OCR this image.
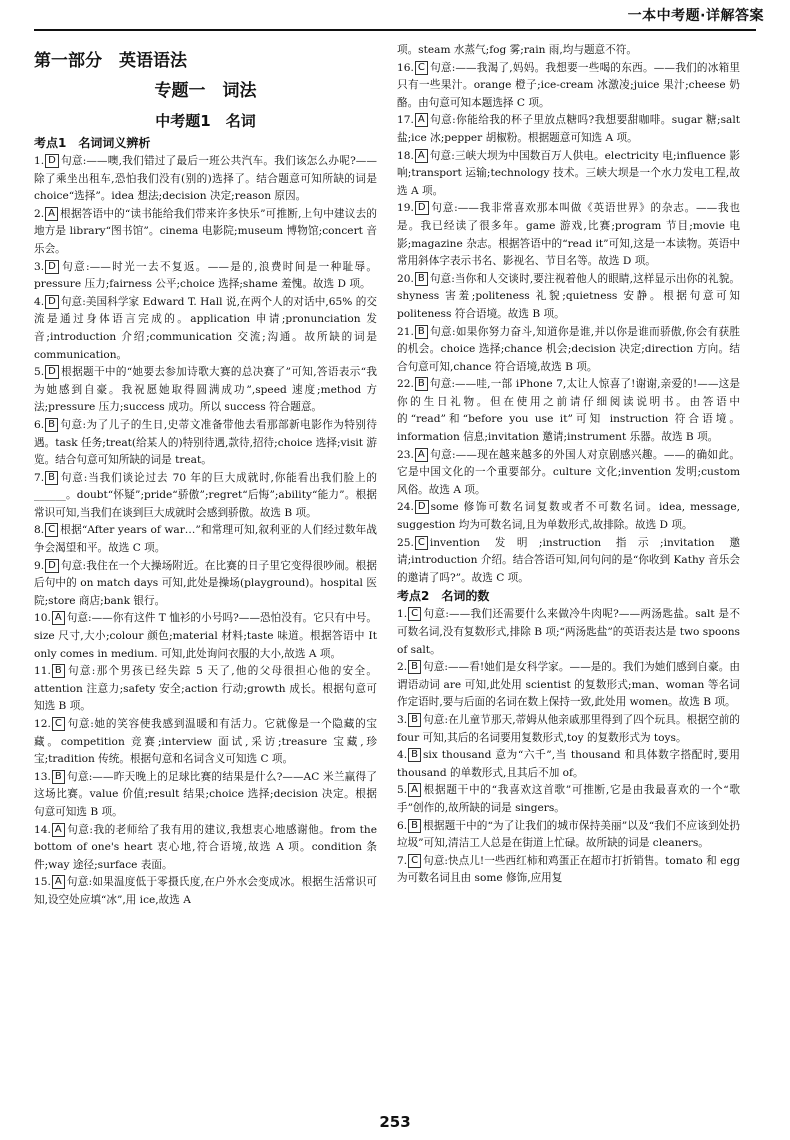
一本中考题·详解答案
第一部分　英语语法
专题一　词法
中考题1　名词
考点1　名词词义辨析
1. D 句意:——噢,我们错过了最后一班公共汽车。我们该怎么办呢?——除了乘坐出租车,恐怕我们没有(别的)选择了。结合题意可知所缺的词是 choice“选择”。idea 想法;decision 决定;reason 原因。
2. A 根据答语中的“读书能给我们带来许多快乐”可推断,上句中建议去的地方是 library“图书馆”。cinema 电影院;museum 博物馆;concert 音乐会。
3. D 句意:——时光一去不复返。——是的,浪费时间是一种耻辱。pressure 压力;fairness 公平;choice 选择;shame 羞愧。故选 D 项。
4. D 句意:美国科学家 Edward T. Hall 说,在两个人的对话中,65% 的交流是通过身体语言完成的。application 申请;pronunciation 发音;introduction 介绍;communication 交流;沟通。故所缺的词是 communication。
5. D 根据题干中的“她要去参加诗歌大赛的总决赛了”可知,答语表示“我为她感到自豪。我祝愿她取得圆满成功”,speed 速度;method 方法;pressure 压力;success 成功。所以 success 符合题意。
6. B 句意:为了儿子的生日,史蒂文准备带他去看那部新电影作为特别待遇。task 任务;treat(给某人的)特别待遇,款待,招待;choice 选择;visit 游览。结合句意可知所缺的词是 treat。
7. B 句意:当我们谈论过去 70 年的巨大成就时,你能看出我们脸上的______。doubt“怀疑”;pride“骄傲”;regret“后悔”;ability“能力”。根据常识可知,当我们在谈到巨大成就时会感到骄傲。故选 B 项。
8. C 根据“After years of war…”和常理可知,叙利亚的人们经过数年战争会渴望和平。故选 C 项。
9. D 句意:我住在一个大操场附近。在比赛的日子里它变得很吵闹。根据后句中的 on match days 可知,此处是操场(playground)。hospital 医院;store 商店;bank 银行。
10. A 句意:——你有这件 T 恤衫的小号吗?——恐怕没有。它只有中号。size 尺寸,大小;colour 颜色;material 材料;taste 味道。根据答语中 It only comes in medium. 可知,此处询问衣服的大小,故选 A 项。
11. B 句意:那个男孩已经失踪 5 天了,他的父母很担心他的安全。attention 注意力;safety 安全;action 行动;growth 成长。根据句意可知选 B 项。
12. C 句意:她的笑容使我感到温暖和有活力。它就像是一个隐藏的宝藏。competition 竞赛;interview 面试,采访;treasure 宝藏,珍宝;tradition 传统。根据句意和名词含义可知选 C 项。
13. B 句意:——昨天晚上的足球比赛的结果是什么?——AC 米兰赢得了这场比赛。value 价值;result 结果;choice 选择;decision 决定。根据句意可知选 B 项。
14. A 句意:我的老师给了我有用的建议,我想衷心地感谢他。from the bottom of one's heart 衷心地,符合语境,故选 A 项。condition 条件;way 途径;surface 表面。
15. A 句意:如果温度低于零摄氏度,在户外水会变成冰。根据生活常识可知,设空处应填“冰”,用 ice,故选 A
项。steam 水蒸气;fog 雾;rain 雨,均与题意不符。
16. C 句意:——我渴了,妈妈。我想要一些喝的东西。——我们的冰箱里只有一些果汁。orange 橙子;ice-cream 冰激凌;juice 果汁;cheese 奶酪。由句意可知本题选择 C 项。
17. A 句意:你能给我的杯子里放点糖吗?我想要甜咖啡。sugar 糖;salt 盐;ice 冰;pepper 胡椒粉。根据题意可知选 A 项。
18. A 句意:三峡大坝为中国数百万人供电。electricity 电;influence 影响;transport 运输;technology 技术。三峡大坝是一个水力发电工程,故选 A 项。
19. D 句意:——我非常喜欢那本叫做《英语世界》的杂志。——我也是。我已经读了很多年。game 游戏,比赛;program 节目;movie 电影;magazine 杂志。根据答语中的“read it”可知,这是一本读物。英语中常用斜体字表示书名、影视名、节目名等。故选 D 项。
20. B 句意:当你和人交谈时,要注视着他人的眼睛,这样显示出你的礼貌。shyness 害羞;politeness 礼貌;quietness 安静。根据句意可知 politeness 符合语境。故选 B 项。
21. B 句意:如果你努力奋斗,知道你是谁,并以你是谁而骄傲,你会有获胜的机会。choice 选择;chance 机会;decision 决定;direction 方向。结合句意可知,chance 符合语境,故选 B 项。
22. B 句意:——哇,一部 iPhone 7,太让人惊喜了!谢谢,亲爱的!——这是你的生日礼物。但在使用之前请仔细阅读说明书。由答语中的“read”和“before you use it”可知 instruction 符合语境。information 信息;invitation 邀请;instrument 乐器。故选 B 项。
23. A 句意:——现在越来越多的外国人对京剧感兴趣。——的确如此。它是中国文化的一个重要部分。culture 文化;invention 发明;custom 风俗。故选 A 项。
24. D some 修饰可数名词复数或者不可数名词。idea, message, suggestion 均为可数名词,且为单数形式,故排除。故选 D 项。
25. C invention 发明;instruction 指示;invitation 邀请;introduction 介绍。结合答语可知,问句问的是“你收到 Kathy 音乐会的邀请了吗?”。故选 C 项。
考点2　名词的数
1. C 句意:——我们还需要什么来做冷牛肉呢?——两汤匙盐。salt 是不可数名词,没有复数形式,排除 B 项;“两汤匙盐”的英语表达是 two spoons of salt。
2. B 句意:——看!她们是女科学家。——是的。我们为她们感到自豪。由谓语动词 are 可知,此处用 scientist 的复数形式;man、woman 等名词作定语时,要与后面的名词在数上保持一致,此处用 women。故选 B 项。
3. B 句意:在儿童节那天,蒂姆从他亲戚那里得到了四个玩具。根据空前的 four 可知,其后的名词要用复数形式,toy 的复数形式为 toys。
4. B six thousand 意为“六千”,当 thousand 和具体数字搭配时,要用 thousand 的单数形式,且其后不加 of。
5. A 根据题干中的“我喜欢这首歌”可推断,它是由我最喜欢的一个“歌手”创作的,故所缺的词是 singers。
6. B 根据题干中的“为了让我们的城市保持美丽”以及“我们不应该到处扔垃圾”可知,清洁工人总是在街道上忙碌。故所缺的词是 cleaners。
7. C 句意:快点儿!一些西红柿和鸡蛋正在超市打折销售。tomato 和 egg 为可数名词且由 some 修饰,应用复
253
